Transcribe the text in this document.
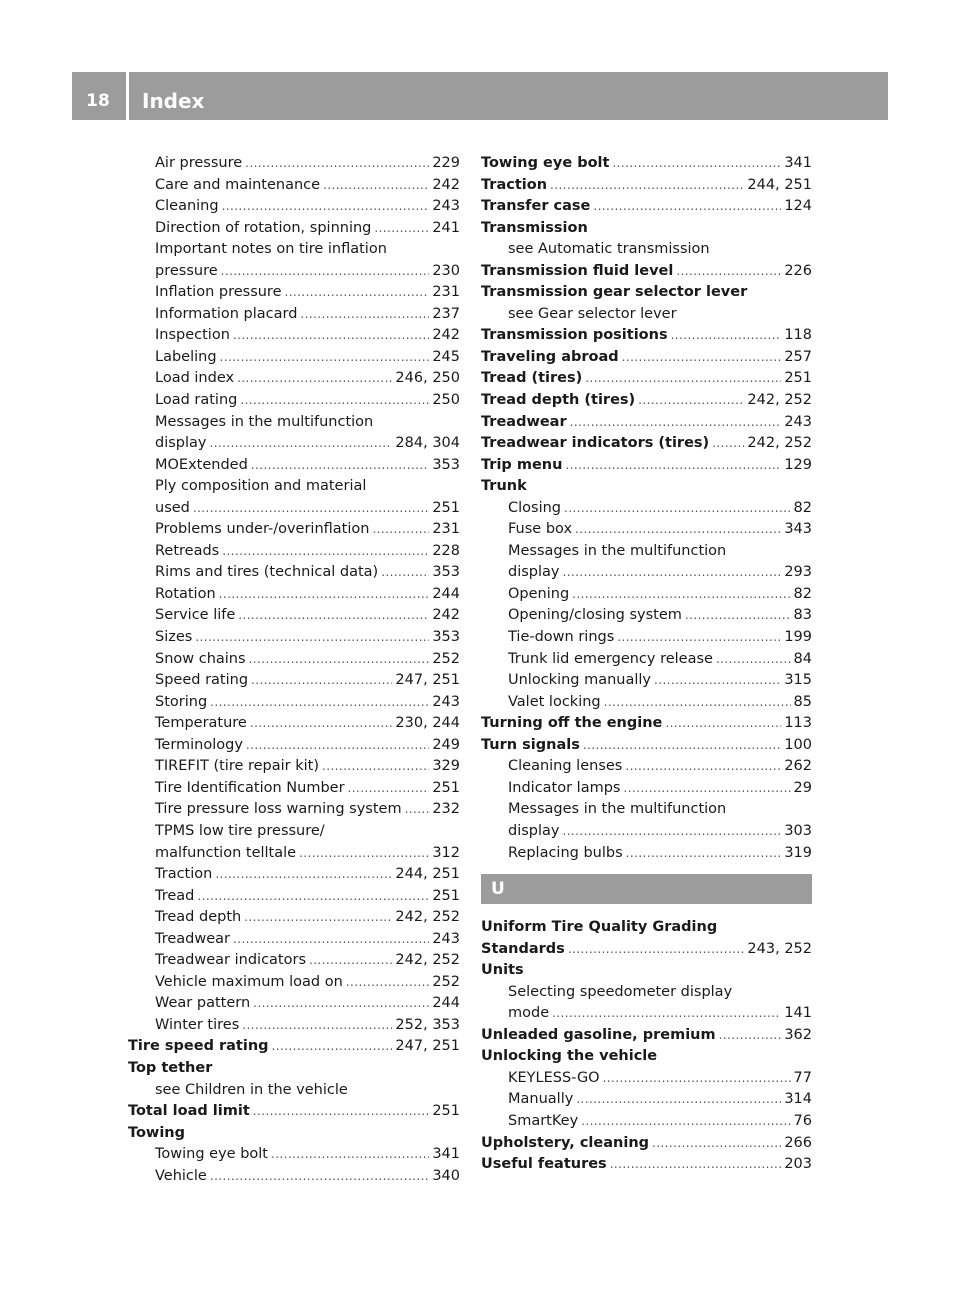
18	Index
Air pressure .....	229
Care and maintenance .....	242
Cleaning .....	243
Direction of rotation, spinning .....	241
Important notes on tire inflation
pressure .....	230
Inflation pressure .....	231
Information placard .....	237
Inspection .....	242
Labeling .....	245
Load index .....	246, 250
Load rating .....	250
Messages in the multifunction
display .....	284, 304
MOExtended .....	353
Ply composition and material
used .....	251
Problems under-/overinflation .....	231
Retreads .....	228
Rims and tires (technical data) .....	353
Rotation .....	244
Service life .....	242
Sizes .....	353
Snow chains .....	252
Speed rating .....	247, 251
Storing .....	243
Temperature .....	230, 244
Terminology .....	249
TIREFIT (tire repair kit) .....	329
Tire Identification Number .....	251
Tire pressure loss warning system ..... 232
TPMS low tire pressure/
malfunction telltale .....	312
Traction .....	244, 251
Tread .....	251
Tread depth .....	242, 252
Treadwear .....	243
Treadwear indicators .....	242, 252
Vehicle maximum load on .....	252
Wear pattern .....	244
Winter tires .....	252, 353
Tire speed rating .....	247, 251
Top tether
see Children in the vehicle
Total load limit .....	251
Towing
Towing eye bolt .....	341
Vehicle .....	340
Towing eye bolt .....	341
Traction .....	244, 251
Transfer case .....	124
Transmission
see Automatic transmission
Transmission fluid level .....	226
Transmission gear selector lever
see Gear selector lever
Transmission positions .....	118
Traveling abroad .....	257
Tread (tires) .....	251
Tread depth (tires) .....	242, 252
Treadwear .....	243
Treadwear indicators (tires) .....	242, 252
Trip menu .....	129
Trunk
Closing .....	82
Fuse box .....	343
Messages in the multifunction
display .....	293
Opening .....	82
Opening/closing system .....	83
Tie-down rings .....	199
Trunk lid emergency release .....	84
Unlocking manually .....	315
Valet locking .....	85
Turning off the engine .....	113
Turn signals .....	100
Cleaning lenses .....	262
Indicator lamps .....	29
Messages in the multifunction
display .....	303
Replacing bulbs .....	319
U
Uniform Tire Quality Grading
Standards .....	243, 252
Units
Selecting speedometer display
mode .....	141
Unleaded gasoline, premium .....	362
Unlocking the vehicle
KEYLESS-GO .....	77
Manually .....	314
SmartKey .....	76
Upholstery, cleaning .....	266
Useful features .....	203
